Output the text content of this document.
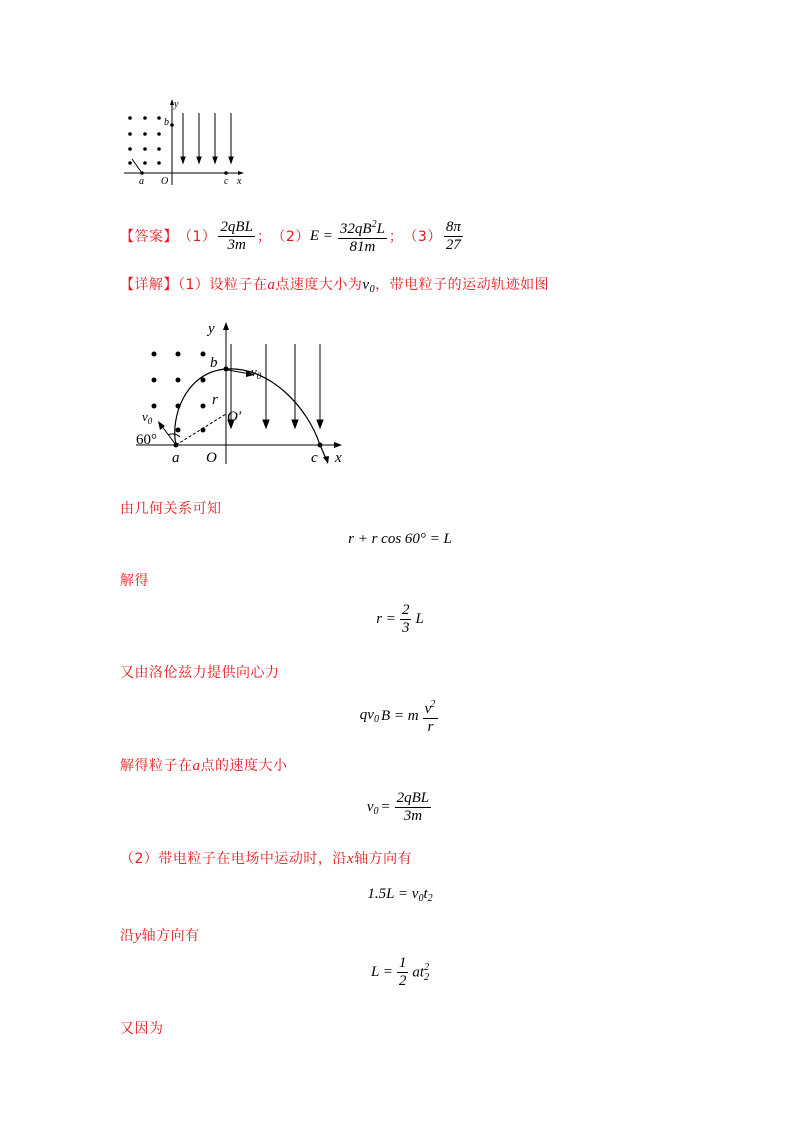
y
b
a O	c x
【答案】 $(1) \frac{\text{2qBL}}{3m}$ ； （2） $E = \frac{32qB^2L}{81m}$ ； $(3) \frac{8\pi}{27}$
【详解】（1）设粒子在a点速度大小为$v_0$，带电粒子的运动轨迹如图
y
b
$v_0$
r
O′
$v_0$
60°
a O	c x
由几何关系可知
r + r cos 60° = L
解得
$r = \frac{2}{3}$ L
又由洛伦兹力提供向心力
$qv_0$ B = m $\frac{v^2}{r}$
解得粒子在a点的速度大小
$v_0 = \frac{\text{2qBL}}{3m}$
（2）带电粒子在电场中运动时，沿x轴方向有
$1.5L = v_0t_2$
沿y轴方向有
$L = \frac{1}{2}$ at 2
2
又因为
